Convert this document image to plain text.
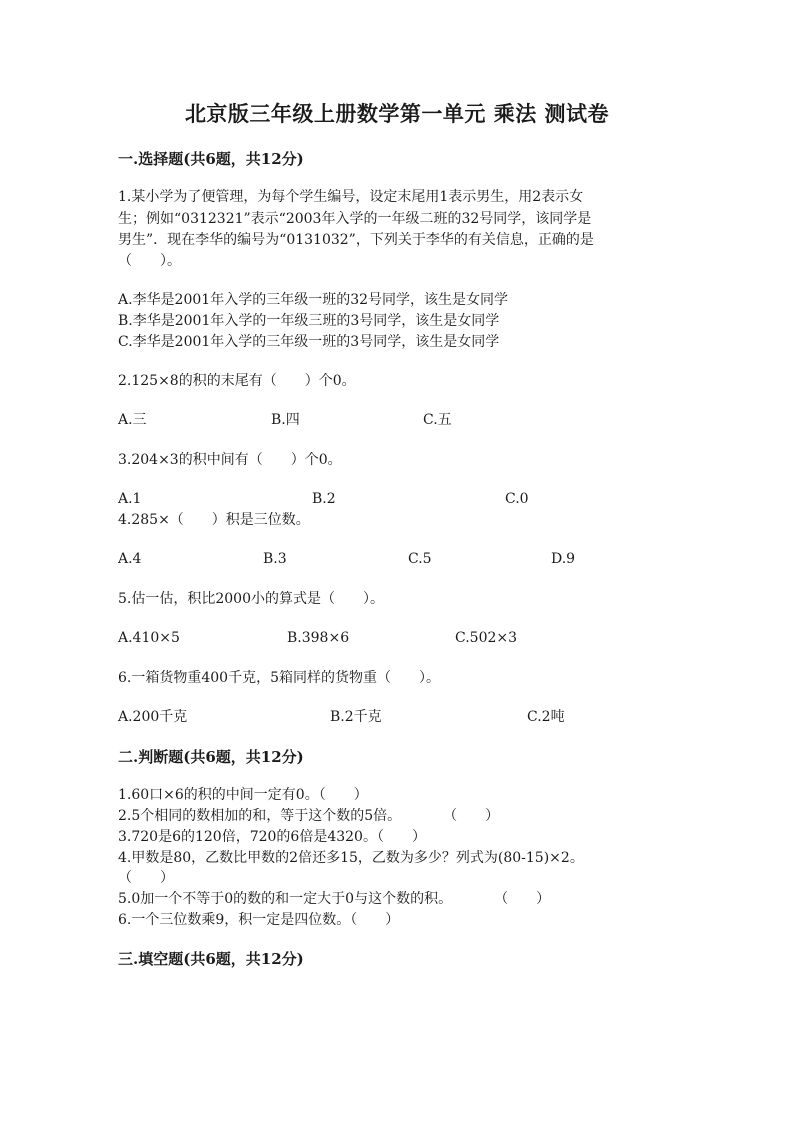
北京版三年级上册数学第一单元 乘法 测试卷
一.选择题(共6题，共12分)
1.某小学为了便管理，为每个学生编号，设定末尾用1表示男生，用2表示女
生；例如“0312321”表示“2003年入学的一年级二班的32号同学，该同学是
男生”．现在李华的编号为“0131032”，下列关于李华的有关信息，正确的是
（　　）。
A.李华是2001年入学的三年级一班的32号同学，该生是女同学
B.李华是2001年入学的一年级三班的3号同学，该生是女同学
C.李华是2001年入学的三年级一班的3号同学，该生是女同学
2.125×8的积的末尾有（　　）个0。
A.三	B.四	C.五
3.204×3的积中间有（　　）个0。
A.1	B.2	C.0
4.285×（　　）积是三位数。
A.4	B.3	C.5	D.9
5.估一估，积比2000小的算式是（　　）。
A.410×5	B.398×6	C.502×3
6.一箱货物重400千克，5箱同样的货物重（　　）。
A.200千克	B.2千克	C.2吨
二.判断题(共6题，共12分)
1.60口×6的积的中间一定有0。（　　）
2.5个相同的数相加的和，等于这个数的5倍。　　　　（　　）
3.720是6的120倍，720的6倍是4320。（　　）
4.甲数是80，乙数比甲数的2倍还多15，乙数为多少？列式为(80-15)×2。
（　　）
5.0加一个不等于0的数的和一定大于0与这个数的积。　　　　（　　）
6.一个三位数乘9，积一定是四位数。（　　）
三.填空题(共6题，共12分)
